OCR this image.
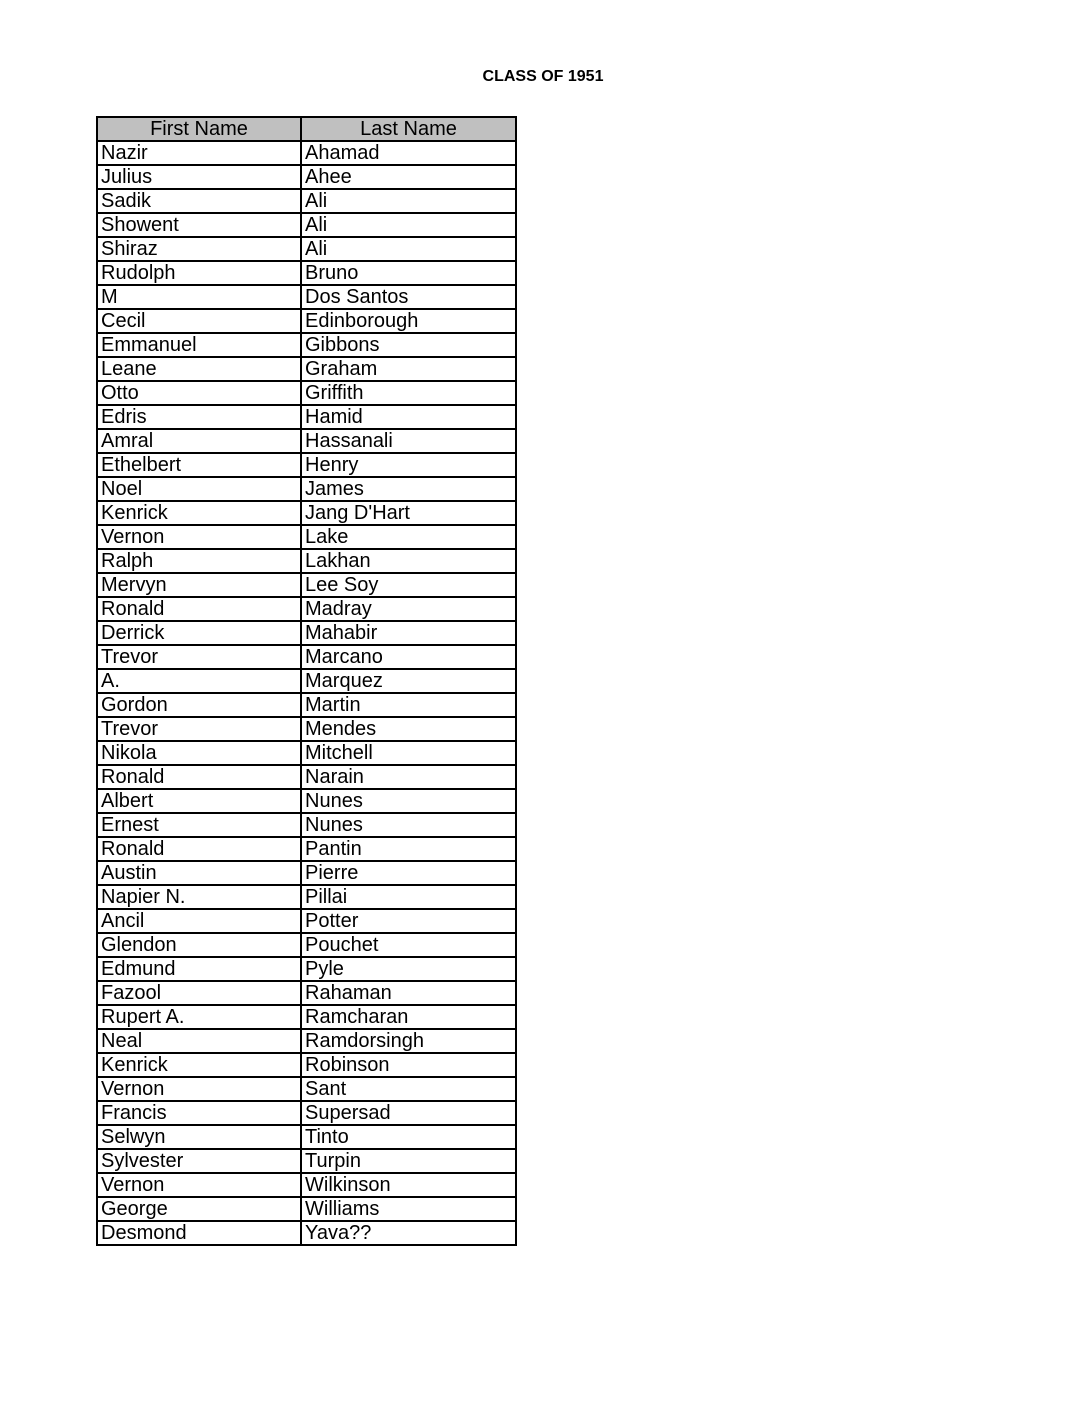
CLASS OF 1951
First Name	Last Name
Nazir	Ahamad
Julius	Ahee
Sadik	Ali
Showent	Ali
Shiraz	Ali
Rudolph	Bruno
M	Dos Santos
Cecil	Edinborough
Emmanuel	Gibbons
Leane	Graham
Otto	Griffith
Edris	Hamid
Amral	Hassanali
Ethelbert	Henry
Noel	James
Kenrick	Jang D'Hart
Vernon	Lake
Ralph	Lakhan
Mervyn	Lee Soy
Ronald	Madray
Derrick	Mahabir
Trevor	Marcano
A.	Marquez
Gordon	Martin
Trevor	Mendes
Nikola	Mitchell
Ronald	Narain
Albert	Nunes
Ernest	Nunes
Ronald	Pantin
Austin	Pierre
Napier N.	Pillai
Ancil	Potter
Glendon	Pouchet
Edmund	Pyle
Fazool	Rahaman
Rupert A.	Ramcharan
Neal	Ramdorsingh
Kenrick	Robinson
Vernon	Sant
Francis	Supersad
Selwyn	Tinto
Sylvester	Turpin
Vernon	Wilkinson
George	Williams
Desmond	Yava??
